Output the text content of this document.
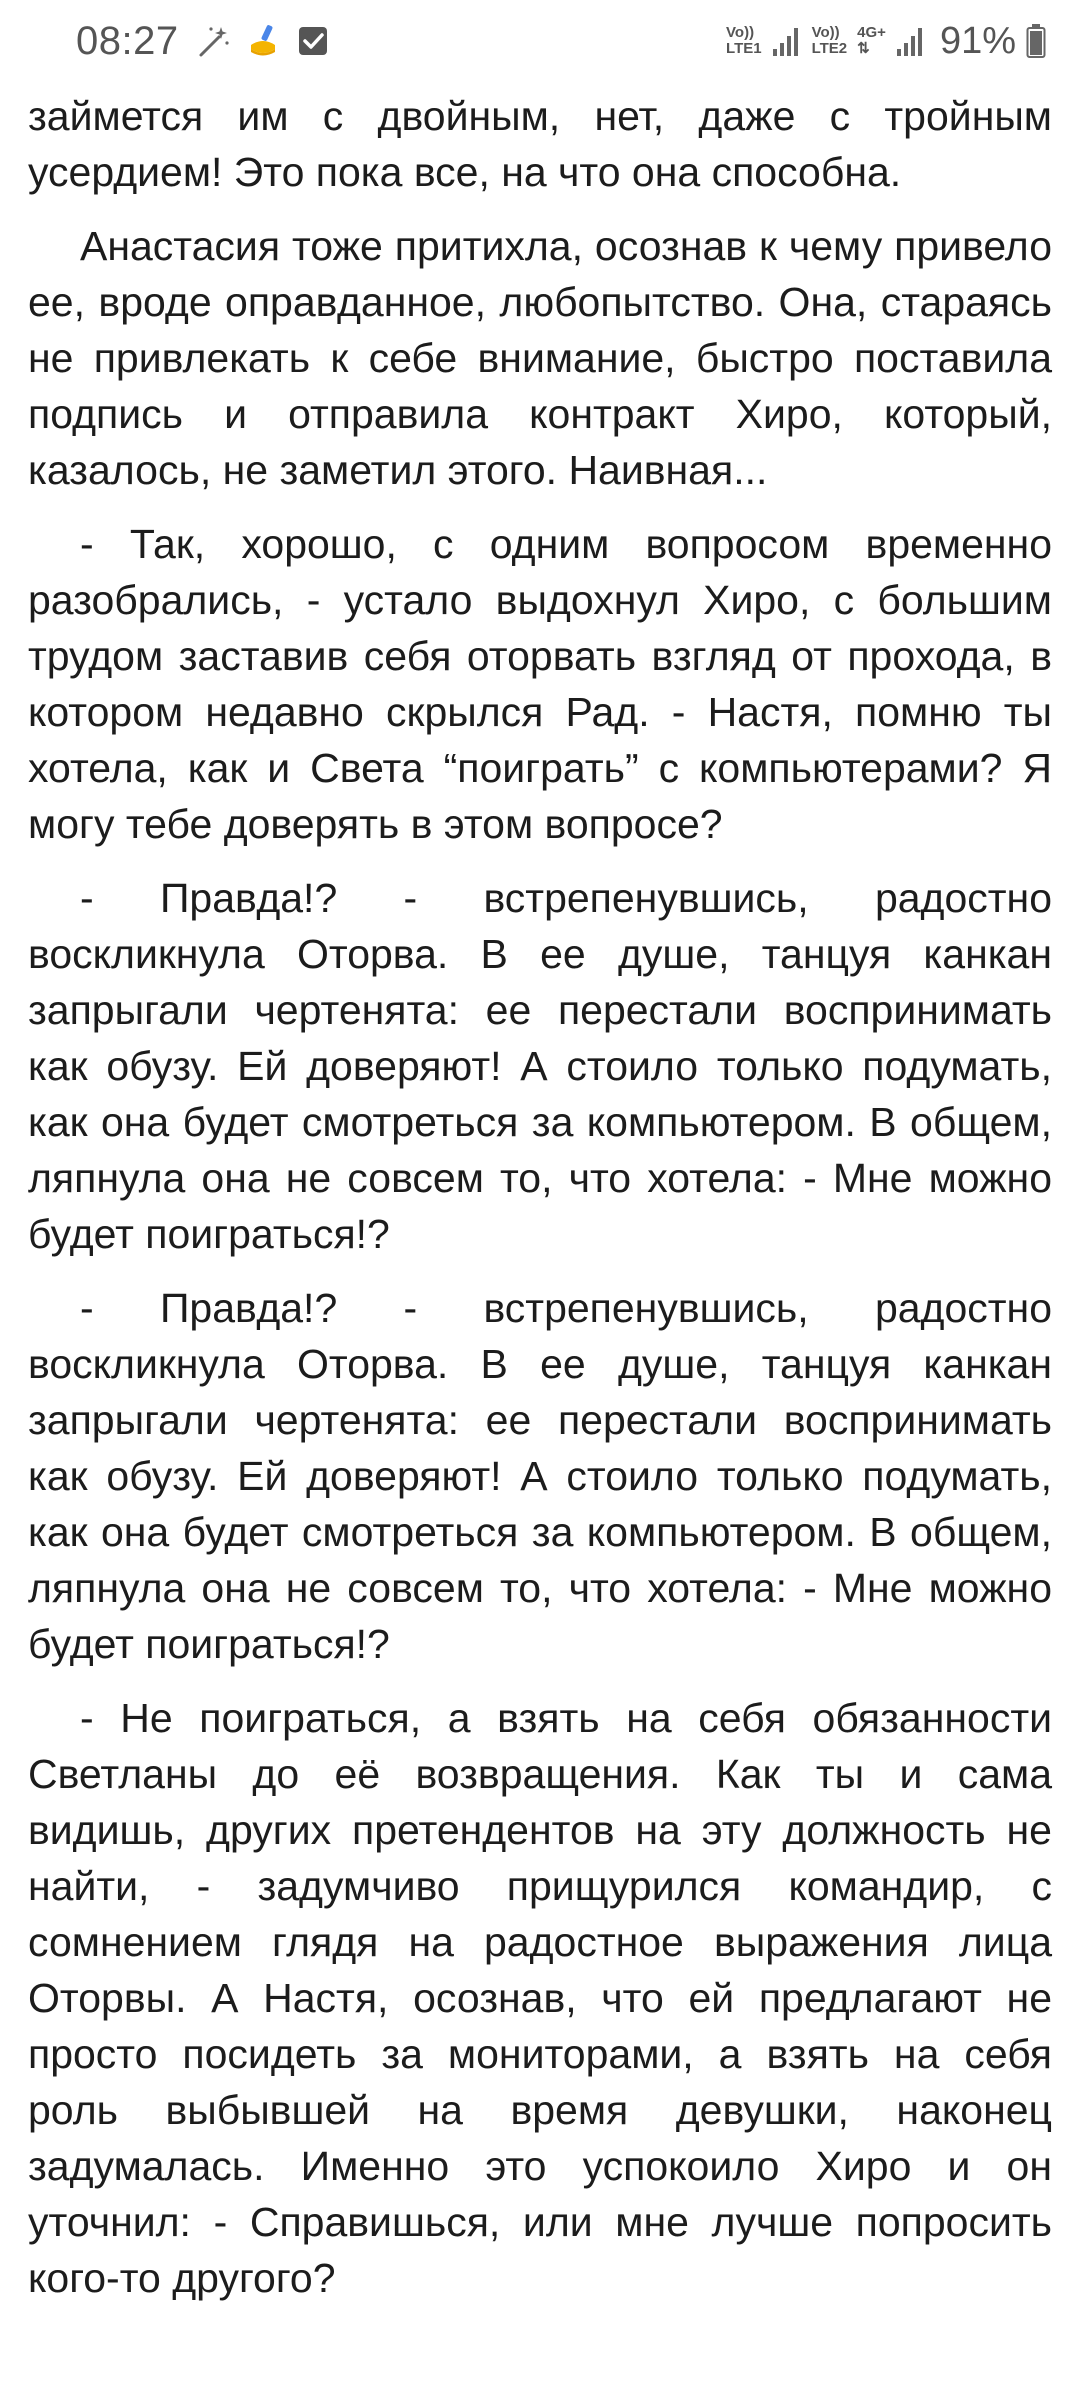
08:27	Vo))
LTE1
Vo))
LTE2
4G+
⇅ 91%

займется им с двойным, нет, даже с тройным усердием! Это пока все, на что она способна.

Анастасия тоже притихла, осознав к чему привело ее, вроде оправданное, любопытство. Она, стараясь не привлекать к себе внимание, быстро поставила подпись и отправила контракт Хиро, который, казалось, не заметил этого. Наивная...

- Так, хорошо, с одним вопросом временно разобрались, - устало выдохнул Хиро, с большим трудом заставив себя оторвать взгляд от прохода, в котором недавно скрылся Рад. - Настя, помню ты хотела, как и Света “поиграть” с компьютерами? Я могу тебе доверять в этом вопросе?

- Правда!? - встрепенувшись, радостно воскликнула Оторва. В ее душе, танцуя канкан запрыгали чертенята: ее перестали воспринимать как обузу. Ей доверяют! А стоило только подумать, как она будет смотреться за компьютером. В общем, ляпнула она не совсем то, что хотела: - Мне можно будет поиграться!?

- Правда!? - встрепенувшись, радостно воскликнула Оторва. В ее душе, танцуя канкан запрыгали чертенята: ее перестали воспринимать как обузу. Ей доверяют! А стоило только подумать, как она будет смотреться за компьютером. В общем, ляпнула она не совсем то, что хотела: - Мне можно будет поиграться!?

- Не поиграться, а взять на себя обязанности Светланы до её возвращения. Как ты и сама видишь, других претендентов на эту должность не найти, - задумчиво прищурился командир, с сомнением глядя на радостное выражения лица Оторвы. А Настя, осознав, что ей предлагают не просто посидеть за мониторами, а взять на себя роль выбывшей на время девушки, наконец задумалась. Именно это успокоило Хиро и он уточнил: - Справишься, или мне лучше попросить кого-то другого?
